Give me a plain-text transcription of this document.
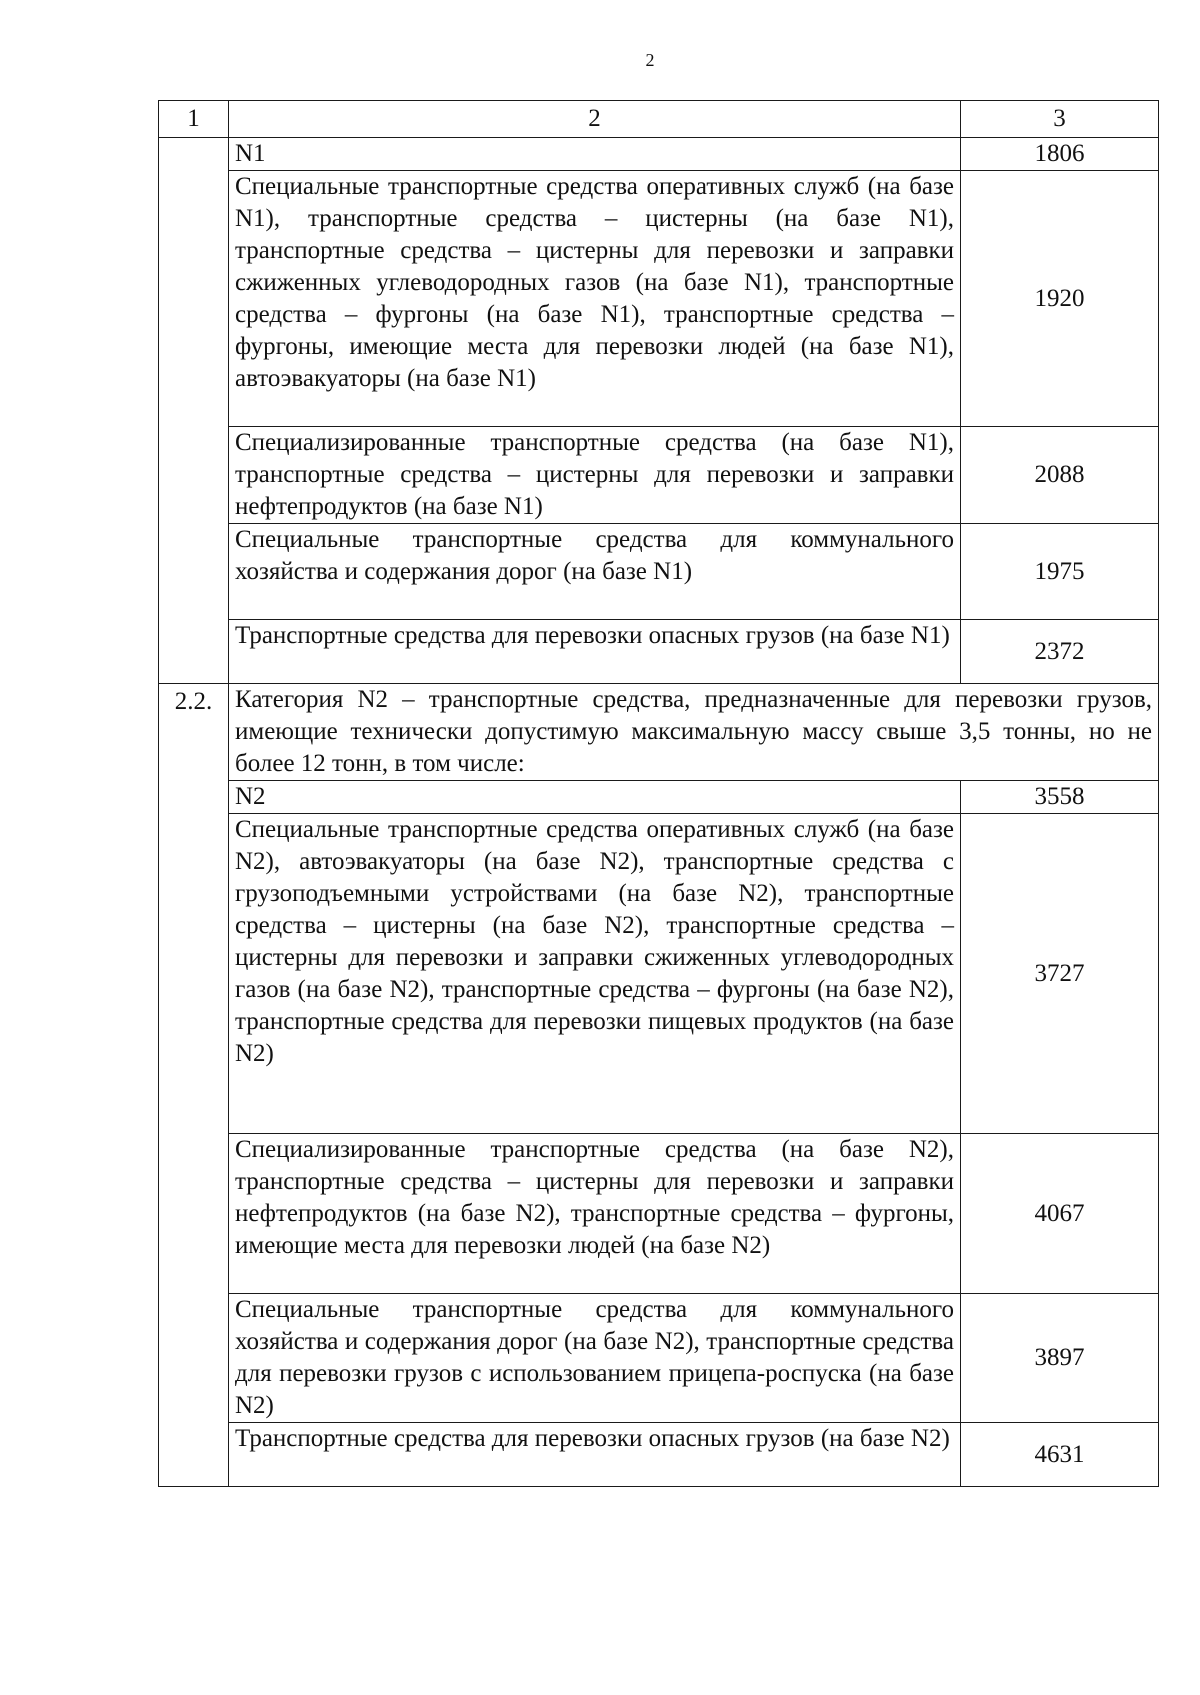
2
1	2	3
	N1	1806
	Специальные транспортные средства оперативных служб (на базе N1), транспортные средства – цистерны (на базе N1), транспортные средства – цистерны для перевозки и заправки сжиженных углеводородных газов (на базе N1), транспортные средства – фургоны (на базе N1), транспортные средства – фургоны, имеющие места для перевозки людей (на базе N1), автоэвакуаторы (на базе N1)	1920
	Специализированные транспортные средства (на базе N1), транспортные средства – цистерны для перевозки и заправки нефтепродуктов (на базе N1)	2088
	Специальные транспортные средства для коммунального хозяйства и содержания дорог (на базе N1)	1975
	Транспортные средства для перевозки опасных грузов (на базе N1)	2372
2.2.	Категория N2 – транспортные средства, предназначенные для перевозки грузов, имеющие технически допустимую максимальную массу свыше 3,5 тонны, но не более 12 тонн, в том числе:	
	N2	3558
	Специальные транспортные средства оперативных служб (на базе N2), автоэвакуаторы (на базе N2), транспортные средства с грузоподъемными устройствами (на базе N2), транспортные средства – цистерны (на базе N2), транспортные средства – цистерны для перевозки и заправки сжиженных углеводородных газов (на базе N2), транспортные средства – фургоны (на базе N2), транспортные средства для перевозки пищевых продуктов (на базе N2)	3727
	Специализированные транспортные средства (на базе N2), транспортные средства – цистерны для перевозки и заправки нефтепродуктов (на базе N2), транспортные средства – фургоны, имеющие места для перевозки людей (на базе N2)	4067
	Специальные транспортные средства для коммунального хозяйства и содержания дорог (на базе N2), транспортные средства для перевозки грузов с использованием прицепа-роспуска (на базе N2)	3897
	Транспортные средства для перевозки опасных грузов (на базе N2)	4631
